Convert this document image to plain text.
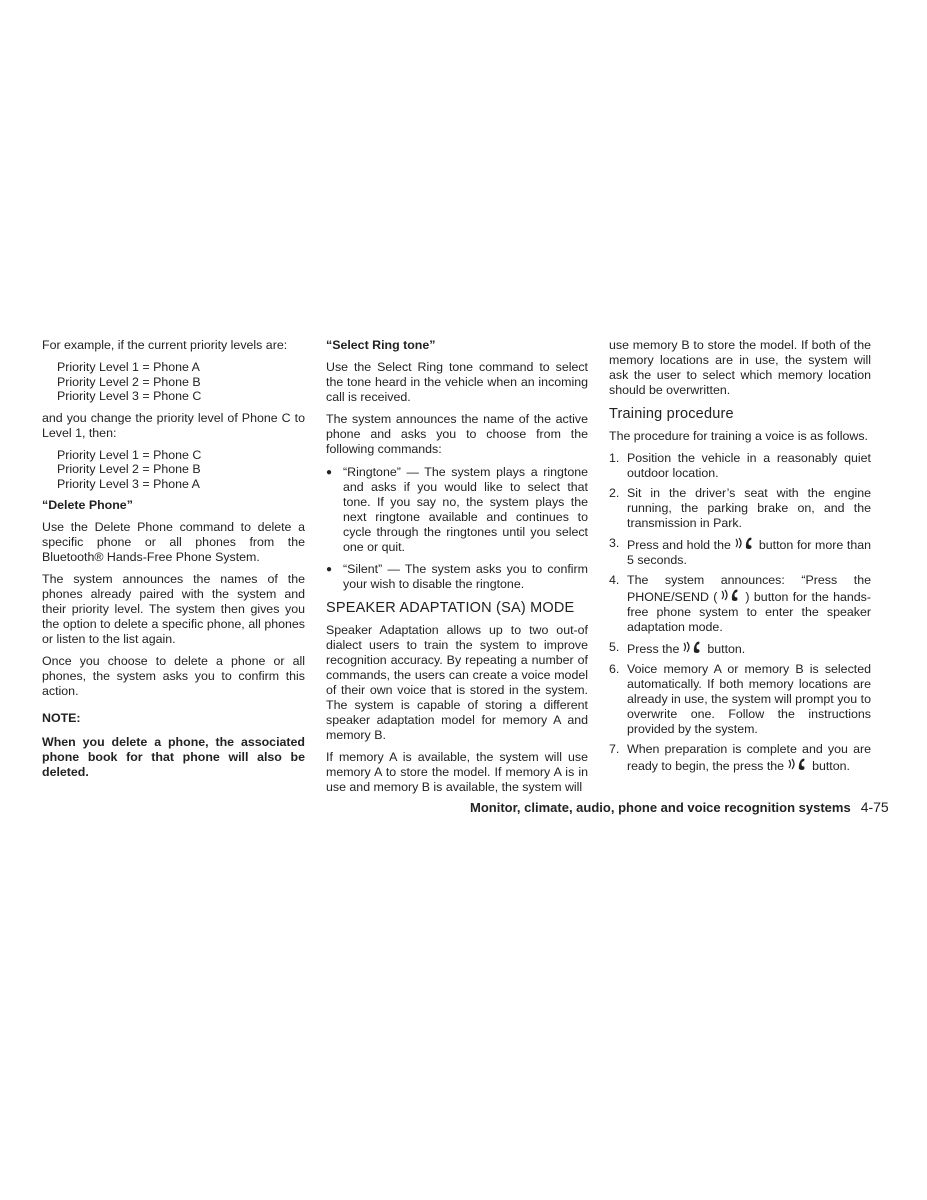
For example, if the current priority levels are:

Priority Level 1 = Phone A
Priority Level 2 = Phone B
Priority Level 3 = Phone C

and you change the priority level of Phone C to Level 1, then:

Priority Level 1 = Phone C
Priority Level 2 = Phone B
Priority Level 3 = Phone A

“Delete Phone”

Use the Delete Phone command to delete a specific phone or all phones from the Bluetooth® Hands-Free Phone System.

The system announces the names of the phones already paired with the system and their priority level. The system then gives you the option to delete a specific phone, all phones or listen to the list again.

Once you choose to delete a phone or all phones, the system asks you to confirm this action.

NOTE:

When you delete a phone, the associated phone book for that phone will also be deleted.

“Select Ring tone”

Use the Select Ring tone command to select the tone heard in the vehicle when an incoming call is received.

The system announces the name of the active phone and asks you to choose from the following commands:

● “Ringtone” — The system plays a ringtone and asks if you would like to select that tone. If you say no, the system plays the next ringtone available and continues to cycle through the ringtones until you select one or quit.
● “Silent” — The system asks you to confirm your wish to disable the ringtone.
SPEAKER ADAPTATION (SA) MODE

Speaker Adaptation allows up to two out-of dialect users to train the system to improve recognition accuracy. By repeating a number of commands, the users can create a voice model of their own voice that is stored in the system. The system is capable of storing a different speaker adaptation model for memory A and memory B.

If memory A is available, the system will use memory A to store the model. If memory A is in use and memory B is available, the system will

use memory B to store the model. If both of the memory locations are in use, the system will ask the user to select which memory location should be overwritten.

Training procedure

The procedure for training a voice is as follows.

1. Position the vehicle in a reasonably quiet outdoor location.
2. Sit in the driver’s seat with the engine running, the parking brake on, and the transmission in Park.
3. Press and hold the button for more than 5 seconds.
4. The system announces: “Press the PHONE/SEND ( ) button for the hands-free phone system to enter the speaker adaptation mode.
5. Press the button.
6. Voice memory A or memory B is selected automatically. If both memory locations are already in use, the system will prompt you to overwrite one. Follow the instructions provided by the system.
7. When preparation is complete and you are ready to begin, the press the button.
Monitor, climate, audio, phone and voice recognition systems 4-75
